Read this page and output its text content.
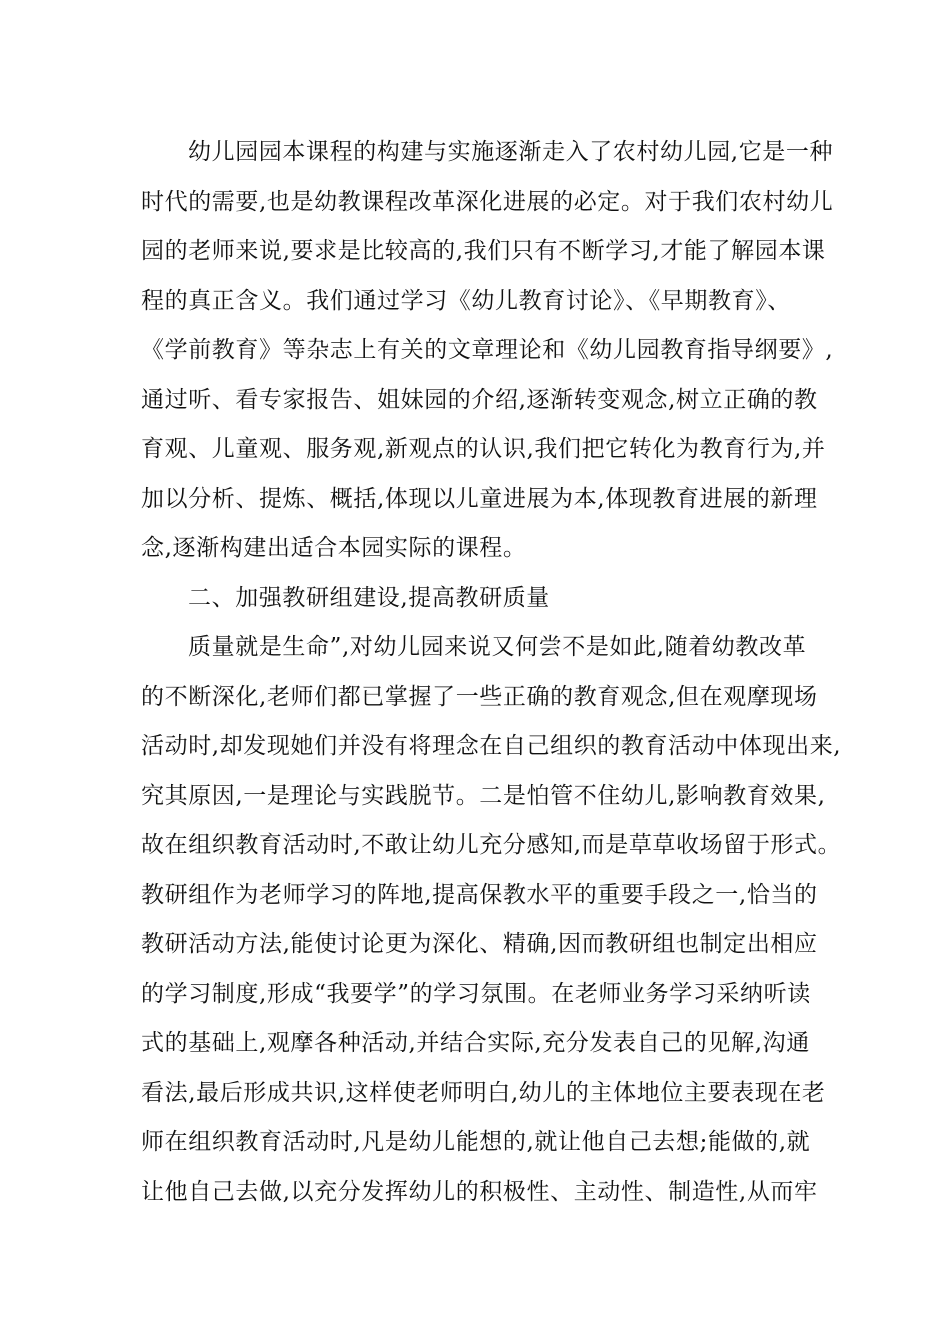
幼儿园园本课程的构建与实施逐渐走入了农村幼儿园,它是一种
时代的需要,也是幼教课程改革深化进展的必定。对于我们农村幼儿
园的老师来说,要求是比较高的,我们只有不断学习,才能了解园本课
程的真正含义。我们通过学习《幼儿教育讨论》、《早期教育》、
《学前教育》等杂志上有关的文章理论和《幼儿园教育指导纲要》,
通过听、看专家报告、姐妹园的介绍,逐渐转变观念,树立正确的教
育观、儿童观、服务观,新观点的认识,我们把它转化为教育行为,并
加以分析、提炼、概括,体现以儿童进展为本,体现教育进展的新理
念,逐渐构建出适合本园实际的课程。
二、加强教研组建设,提高教研质量
质量就是生命”,对幼儿园来说又何尝不是如此,随着幼教改革
的不断深化,老师们都已掌握了一些正确的教育观念,但在观摩现场
活动时,却发现她们并没有将理念在自己组织的教育活动中体现出来,
究其原因,一是理论与实践脱节。二是怕管不住幼儿,影响教育效果,
故在组织教育活动时,不敢让幼儿充分感知,而是草草收场留于形式。
教研组作为老师学习的阵地,提高保教水平的重要手段之一,恰当的
教研活动方法,能使讨论更为深化、精确,因而教研组也制定出相应
的学习制度,形成“我要学”的学习氛围。在老师业务学习采纳听读
式的基础上,观摩各种活动,并结合实际,充分发表自己的见解,沟通
看法,最后形成共识,这样使老师明白,幼儿的主体地位主要表现在老
师在组织教育活动时,凡是幼儿能想的,就让他自己去想;能做的,就
让他自己去做,以充分发挥幼儿的积极性、主动性、制造性,从而牢
